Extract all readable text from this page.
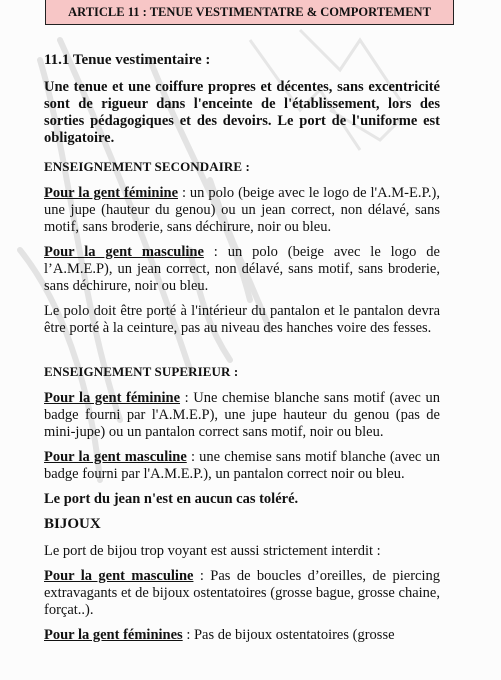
ARTICLE 11 : TENUE VESTIMENTATRE & COMPORTEMENT
11.1 Tenue vestimentaire :

Une tenue et une coiffure propres et décentes, sans excentricité sont de rigueur dans l'enceinte de l'établissement, lors des sorties pédagogiques et des devoirs. Le port de l'uniforme est obligatoire.

ENSEIGNEMENT SECONDAIRE :

Pour la gent féminine : un polo (beige avec le logo de l'A.M-E.P.), une jupe (hauteur du genou) ou un jean correct, non délavé, sans motif, sans broderie, sans déchirure, noir ou bleu.

Pour la gent masculine : un polo (beige avec le logo de l’A.M.E.P), un jean correct, non délavé, sans motif, sans broderie, sans déchirure, noir ou bleu.

Le polo doit être porté à l'intérieur du pantalon et le pantalon devra être porté à la ceinture, pas au niveau des hanches voire des fesses.

ENSEIGNEMENT SUPERIEUR :

Pour la gent féminine : Une chemise blanche sans motif (avec un badge fourni par l'A.M.E.P), une jupe hauteur du genou (pas de mini-jupe) ou un pantalon correct sans motif, noir ou bleu.

Pour la gent masculine : une chemise sans motif blanche (avec un badge fourni par l'A.M.E.P.), un pantalon correct noir ou bleu.

Le port du jean n'est en aucun cas toléré.

BIJOUX

Le port de bijou trop voyant est aussi strictement interdit :

Pour la gent masculine : Pas de boucles d’oreilles, de piercing extravagants et de bijoux ostentatoires (grosse bague, grosse chaine, forçat..).

Pour la gent féminines : Pas de bijoux ostentatoires (grosse
